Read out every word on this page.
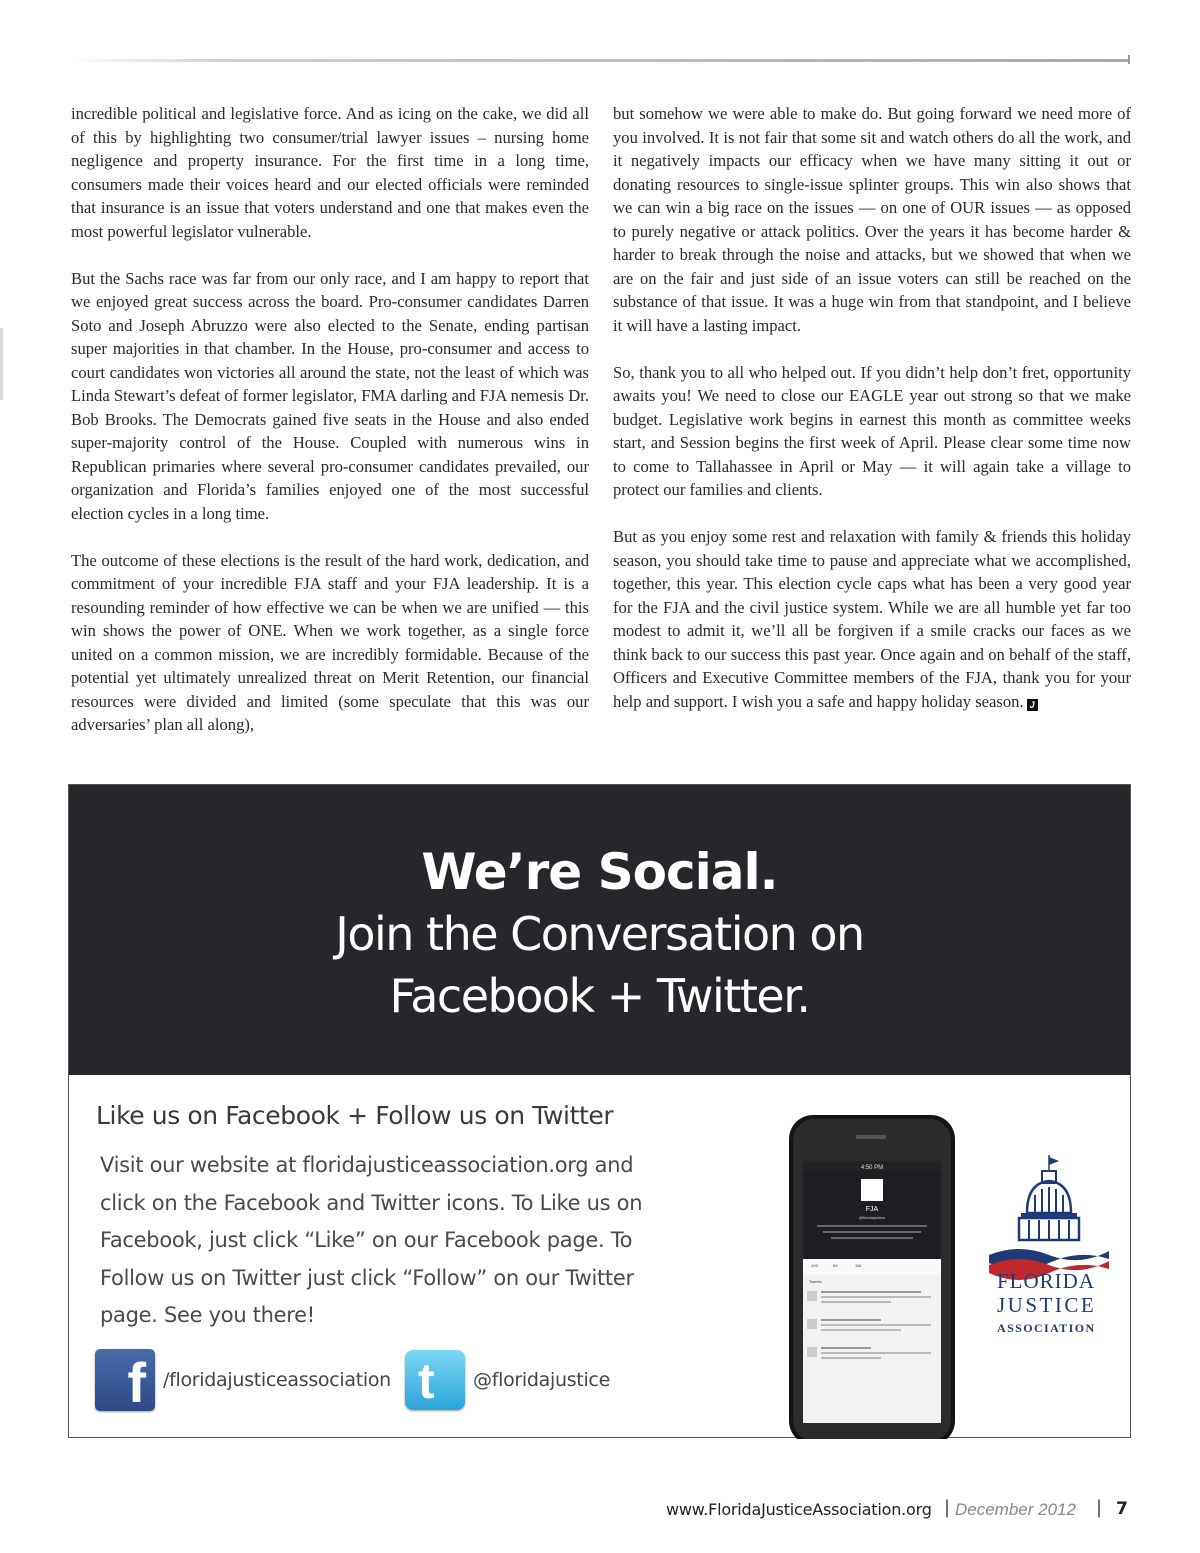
incredible political and legislative force. And as icing on the cake, we did all of this by highlighting two consumer/trial lawyer issues – nursing home negligence and property insurance. For the first time in a long time, consumers made their voices heard and our elected officials were reminded that insurance is an issue that voters understand and one that makes even the most powerful legislator vulnerable.

But the Sachs race was far from our only race, and I am happy to report that we enjoyed great success across the board. Pro-consumer candidates Darren Soto and Joseph Abruzzo were also elected to the Senate, ending partisan super majorities in that chamber. In the House, pro-consumer and access to court candidates won victories all around the state, not the least of which was Linda Stewart’s defeat of former legislator, FMA darling and FJA nemesis Dr. Bob Brooks. The Democrats gained five seats in the House and also ended super-majority control of the House. Coupled with numerous wins in Republican primaries where several pro-consumer candidates prevailed, our organization and Florida’s families enjoyed one of the most successful election cycles in a long time.

The outcome of these elections is the result of the hard work, dedication, and commitment of your incredible FJA staff and your FJA leadership. It is a resounding reminder of how effective we can be when we are unified — this win shows the power of ONE. When we work together, as a single force united on a common mission, we are incredibly formidable. Because of the potential yet ultimately unrealized threat on Merit Retention, our financial resources were divided and limited (some speculate that this was our adversaries’ plan all along),

but somehow we were able to make do. But going forward we need more of you involved. It is not fair that some sit and watch others do all the work, and it negatively impacts our efficacy when we have many sitting it out or donating resources to single-issue splinter groups. This win also shows that we can win a big race on the issues — on one of OUR issues — as opposed to purely negative or attack politics. Over the years it has become harder & harder to break through the noise and attacks, but we showed that when we are on the fair and just side of an issue voters can still be reached on the substance of that issue. It was a huge win from that standpoint, and I believe it will have a lasting impact.

So, thank you to all who helped out. If you didn’t help don’t fret, opportunity awaits you! We need to close our EAGLE year out strong so that we make budget. Legislative work begins in earnest this month as committee weeks start, and Session begins the first week of April. Please clear some time now to come to Tallahassee in April or May — it will again take a village to protect our families and clients.

But as you enjoy some rest and relaxation with family & friends this holiday season, you should take time to pause and appreciate what we accomplished, together, this year. This election cycle caps what has been a very good year for the FJA and the civil justice system. While we are all humble yet far too modest to admit it, we’ll all be forgiven if a smile cracks our faces as we think back to our success this past year. Once again and on behalf of the staff, Officers and Executive Committee members of the FJA, thank you for your help and support. I wish you a safe and happy holiday season. J

We’re Social.
Join the Conversation on
Facebook + Twitter.
Like us on Facebook + Follow us on Twitter
Visit our website at floridajusticeassociation.org and
click on the Facebook and Twitter icons. To Like us on
Facebook, just click “Like” on our Facebook page. To
Follow us on Twitter just click “Follow” on our Twitter
page. See you there!
f /floridajusticeassociation t @floridajustice
4:50 PM
FJA
@floridajustice
109	69	116
Tweets	FLORIDA
JUSTICE
ASSOCIATION
www.FloridaJusticeAssociation.org | December 2012 | 7
